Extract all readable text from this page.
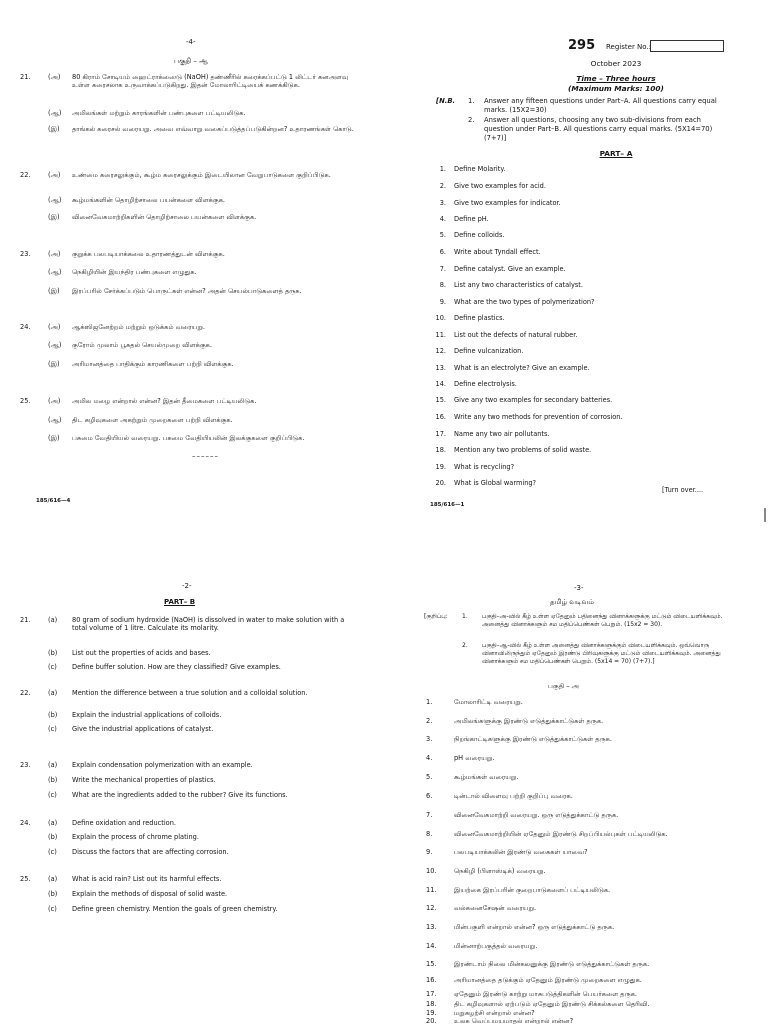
-4-
பகுதி – ஆ
21.	(அ)	80 கிராம் சோடியம் ஹைட்ராக்ஸைடு (NaOH) தண்ணீரில் கரைக்கப்பட்டு 1 லிட்டர் கனஅளவு உள்ள கரைசலாக உருவாக்கப்படுகிறது. இதன் மோலாரிட்டியைக் கணக்கிடுக.
(ஆ)	அமிலங்கள் மற்றும் காரங்களின் பண்புகளை பட்டியலிடுக.
(இ)	தாங்கல் கரைசல் வரையறு. அவை எவ்வாறு வகைப்படுத்தப்படுகின்றன? உதாரணங்கள் கொடு.
22.	(அ)	உண்மை கரைசலுக்கும், கூழ்ம கரைசலுக்கும் இடையிலான வேறுபாடுகளை குறிப்பிடுக.
(ஆ)	கூழ்மங்களின் தொழிற்சாலை பயன்களை விளக்குக.
(இ)	வினைவேகமாற்றிகளின் தொழிற்சாலை பயன்களை விளக்குக.
23.	(அ)	குறுக்க பலபடியாக்கலை உதாரணத்துடன் விளக்குக.
(ஆ)	நெகிழியின் இயந்திர பண்புகளை எழுதுக.
(இ)	இரப்பரில் சேர்க்கப்படும் பொருட்கள் என்ன? அதன் செயல்பாடுகளைத் தருக.
24.	(அ)	ஆக்ஸிஜனேற்றம் மற்றும் ஒடுக்கம் வரையறு.
(ஆ)	குரோம் முலாம் பூசுதல் செயல்முறை விளக்குக.
(இ)	அரிமானத்தை பாதிக்கும் காரணிகளை பற்றி விளக்குக.
25.	(அ)	அமில மழை என்றால் என்ன? இதன் தீமைகளை பட்டியலிடுக.
(ஆ)	திட கழிவுகளை அகற்றும் முறைகளை பற்றி விளக்குக.
(இ)	பசுமை வேதியியல் வரையறு. பசுமை வேதியியலின் இலக்குகளை குறிப்பிடுக.
––––––
185/616—4
295 Register No.:
October 2023
Time – Three hours
(Maximum Marks: 100)
[N.B. 1.	Answer any fifteen questions under Part–A. All questions carry equal marks. (15X2=30)
2.	Answer all questions, choosing any two sub-divisions from each question under Part–B. All questions carry equal marks. (5X14=70) (7+7)]
PART– A
1.	Define Molarity.
2.	Give two examples for acid.
3.	Give two examples for indicator.
4.	Define pH.
5.	Define colloids.
6.	Write about Tyndall effect.
7.	Define catalyst. Give an example.
8.	List any two characteristics of catalyst.
9.	What are the two types of polymerization?
10.	Define plastics.
11.	List out the defects of natural rubber.
12.	Define vulcanization.
13.	What is an electrolyte? Give an example.
14.	Define electrolysis.
15.	Give any two examples for secondary batteries.
16.	Write any two methods for prevention of corrosion.
17.	Name any two air pollutants.
18.	Mention any two problems of solid waste.
19.	What is recycling?
20.	What is Global warming?
[Turn over....
185/616—1
-2-
PART– B
21.	(a)	80 gram of sodium hydroxide (NaOH) is dissolved in water to make solution with a total volume of 1 litre. Calculate its molarity.
(b)	List out the properties of acids and bases.
(c)	Define buffer solution. How are they classified? Give examples.
22.	(a)	Mention the difference between a true solution and a colloidal solution.
(b)	Explain the industrial applications of colloids.
(c)	Give the industrial applications of catalyst.
23.	(a)	Explain condensation polymerization with an example.
(b)	Write the mechanical properties of plastics.
(c)	What are the ingredients added to the rubber? Give its functions.
24.	(a)	Define oxidation and reduction.
(b)	Explain the process of chrome plating.
(c)	Discuss the factors that are affecting corrosion.
25.	(a)	What is acid rain? List out its harmful effects.
(b)	Explain the methods of disposal of solid waste.
(c)	Define green chemistry. Mention the goals of green chemistry.
-3-
தமிழ் வடிவம்
[குறிப்பு: 1.	பகுதி–அ-வில் கீழ் உள்ள ஏதேனும் பதினைந்து வினாக்களுக்கு மட்டும் விடையளிக்கவும். அனைத்து வினாக்களும் சம மதிப்பெண்கள் பெறும். (15x2 = 30).
2.	பகுதி–ஆ-வில் கீழ் உள்ள அனைத்து வினாக்களுக்கும் விடையளிக்கவும். ஒவ்வொரு வினாவிலிருந்தும் ஏதேனும் இரண்டு பிரிவுகளுக்கு மட்டும் விடையளிக்கவும். அனைத்து வினாக்களும் சம மதிப்பெண்கள் பெறும். (5x14 = 70) (7+7).]
பகுதி – அ
1.	மோலாரிட்டி வரையறு.
2.	அமிலங்களுக்கு இரண்டு எடுத்துக்காட்டுகள் தருக.
3.	நிறங்காட்டிகளுக்கு இரண்டு எடுத்துக்காட்டுகள் தருக.
4.	pH வரையறு.
5.	கூழ்மங்கள் வரையறு.
6.	டின்டால் விளைவு பற்றி குறிப்பு வரைக.
7.	வினைவேகமாற்றி வரையறு. ஒரு எடுத்துக்காட்டு தருக.
8.	வினைவேகமாற்றியின் ஏதேனும் இரண்டு சிறப்பியல்புகள் பட்டியலிடுக.
9.	பலபடியாக்கலின் இரண்டு வகைகள் யாவை?
10.	நெகிழி (பிளாஸ்டிக்) வரையறு.
11.	இயற்கை இரப்பரின் குறைபாடுகளைப் பட்டியலிடுக.
12.	வல்கனைசேஷன் வரையறு.
13.	மின்பகுளி என்றால் என்ன? ஒரு எடுத்துக்காட்டு தருக.
14.	மின்னாற்பகுத்தல் வரையறு.
15.	இரண்டாம் நிலை மின்கலனுக்கு இரண்டு எடுத்துக்காட்டுகள் தருக.
16.	அரிமானத்தை தடுக்கும் ஏதேனும் இரண்டு முறைகளை எழுதுக.
17.	ஏதேனும் இரண்டு காற்று மாசுபடுத்திகளின் பெயர்களை தருக.
18.	திட கழிவுகளால் ஏற்படும் ஏதேனும் இரண்டு சிக்கல்களை தெரிவி.
19.	மறுசுழற்சி என்றால் என்ன?
20.	உலக வெப்பமயமாதல் என்றால் என்ன?
